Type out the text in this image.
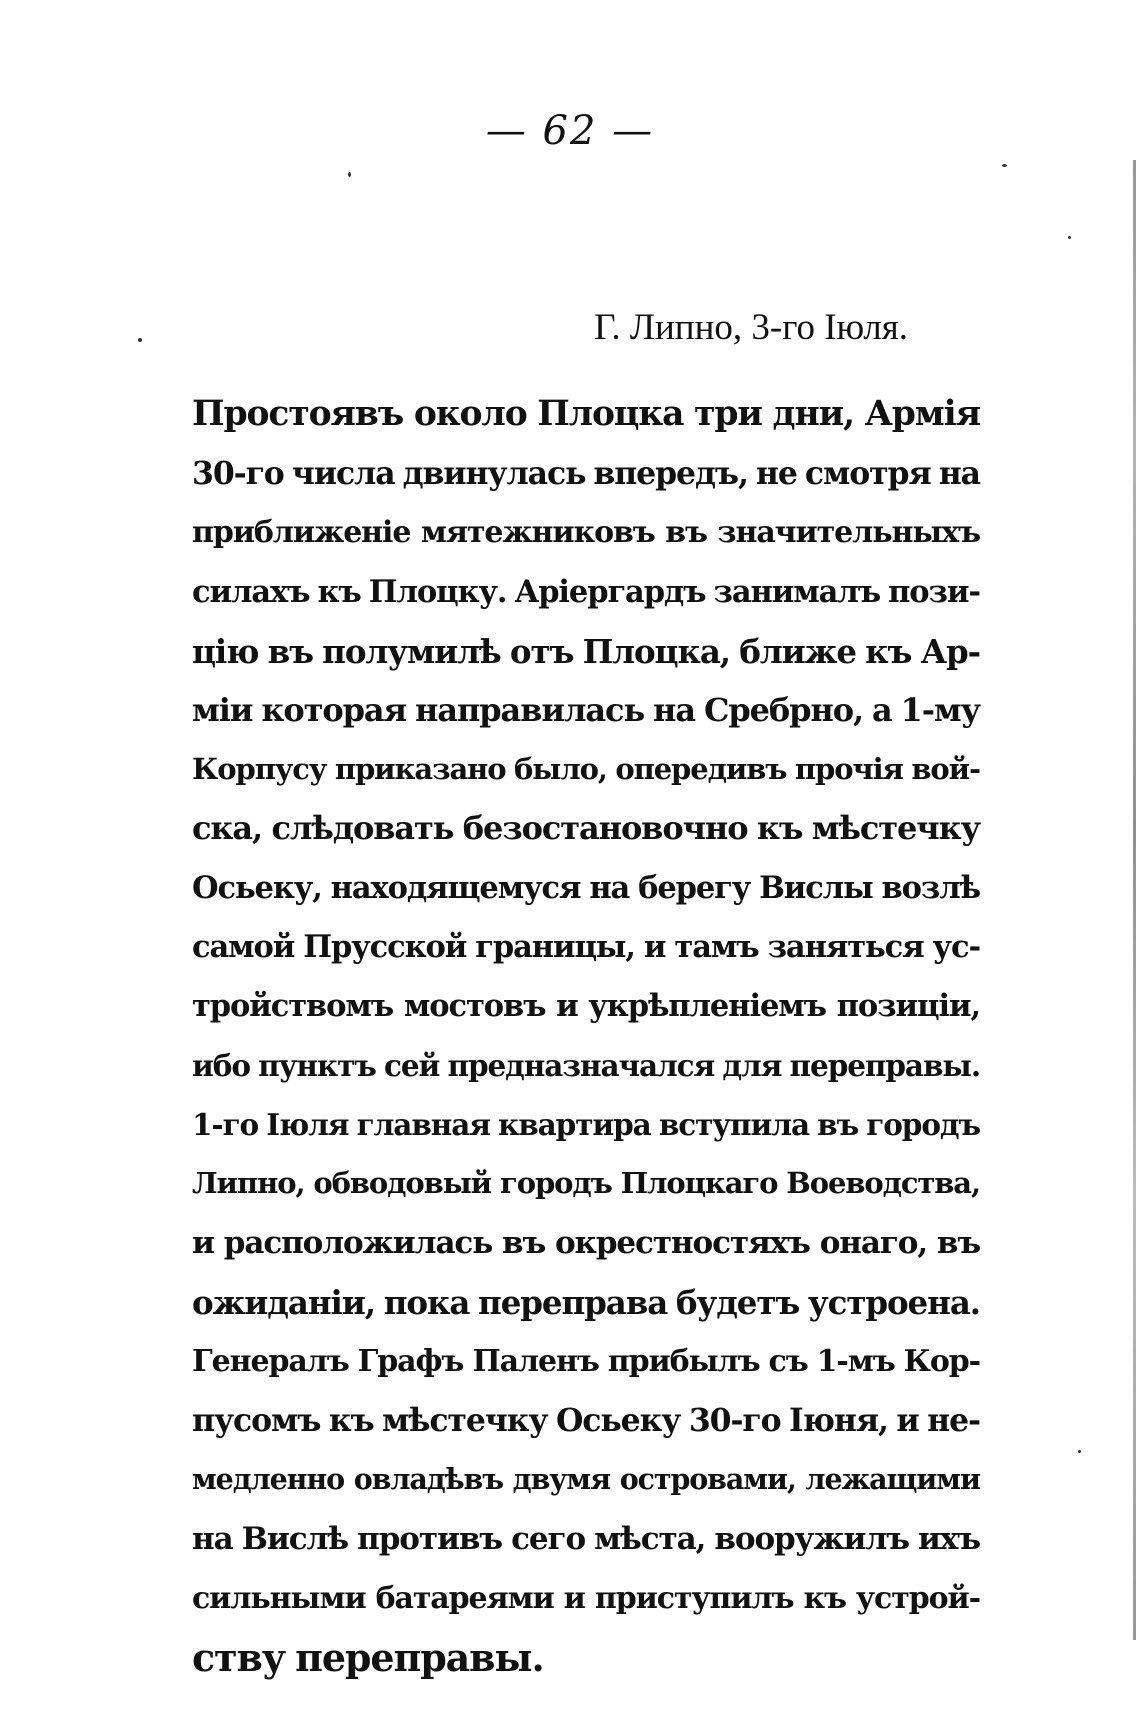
— 62 —
Г. Липно, 3-го Іюля.
Простоявъ около Плоцка три дни, Армія
30-го числа двинулась впередъ, не смотря на
приближеніе мятежниковъ въ значительныхъ
силахъ къ Плоцку. Аріергардъ занималъ пози-
цію въ полумилѣ отъ Плоцка, ближе къ Ар-
міи которая направилась на Сребрно, а 1-му
Корпусу приказано было, опередивъ прочія вой-
ска, слѣдовать безостановочно къ мѣстечку
Осьеку, находящемуся на берегу Вислы возлѣ
самой Прусской границы, и тамъ заняться ус-
тройствомъ мостовъ и укрѣпленіемъ позиціи,
ибо пунктъ сей предназначался для переправы.
1-го Іюля главная квартира вступила въ городъ
Липно, обводовый городъ Плоцкаго Воеводства,
и расположилась въ окрестностяхъ онаго, въ
ожиданіи, пока переправа будетъ устроена.
Генералъ Графъ Паленъ прибылъ съ 1-мъ Кор-
пусомъ къ мѣстечку Осьеку 30-го Іюня, и не-
медленно овладѣвъ двумя островами, лежащими
на Вислѣ противъ сего мѣста, вооружилъ ихъ
сильными батареями и приступилъ къ устрой-
ству переправы.
